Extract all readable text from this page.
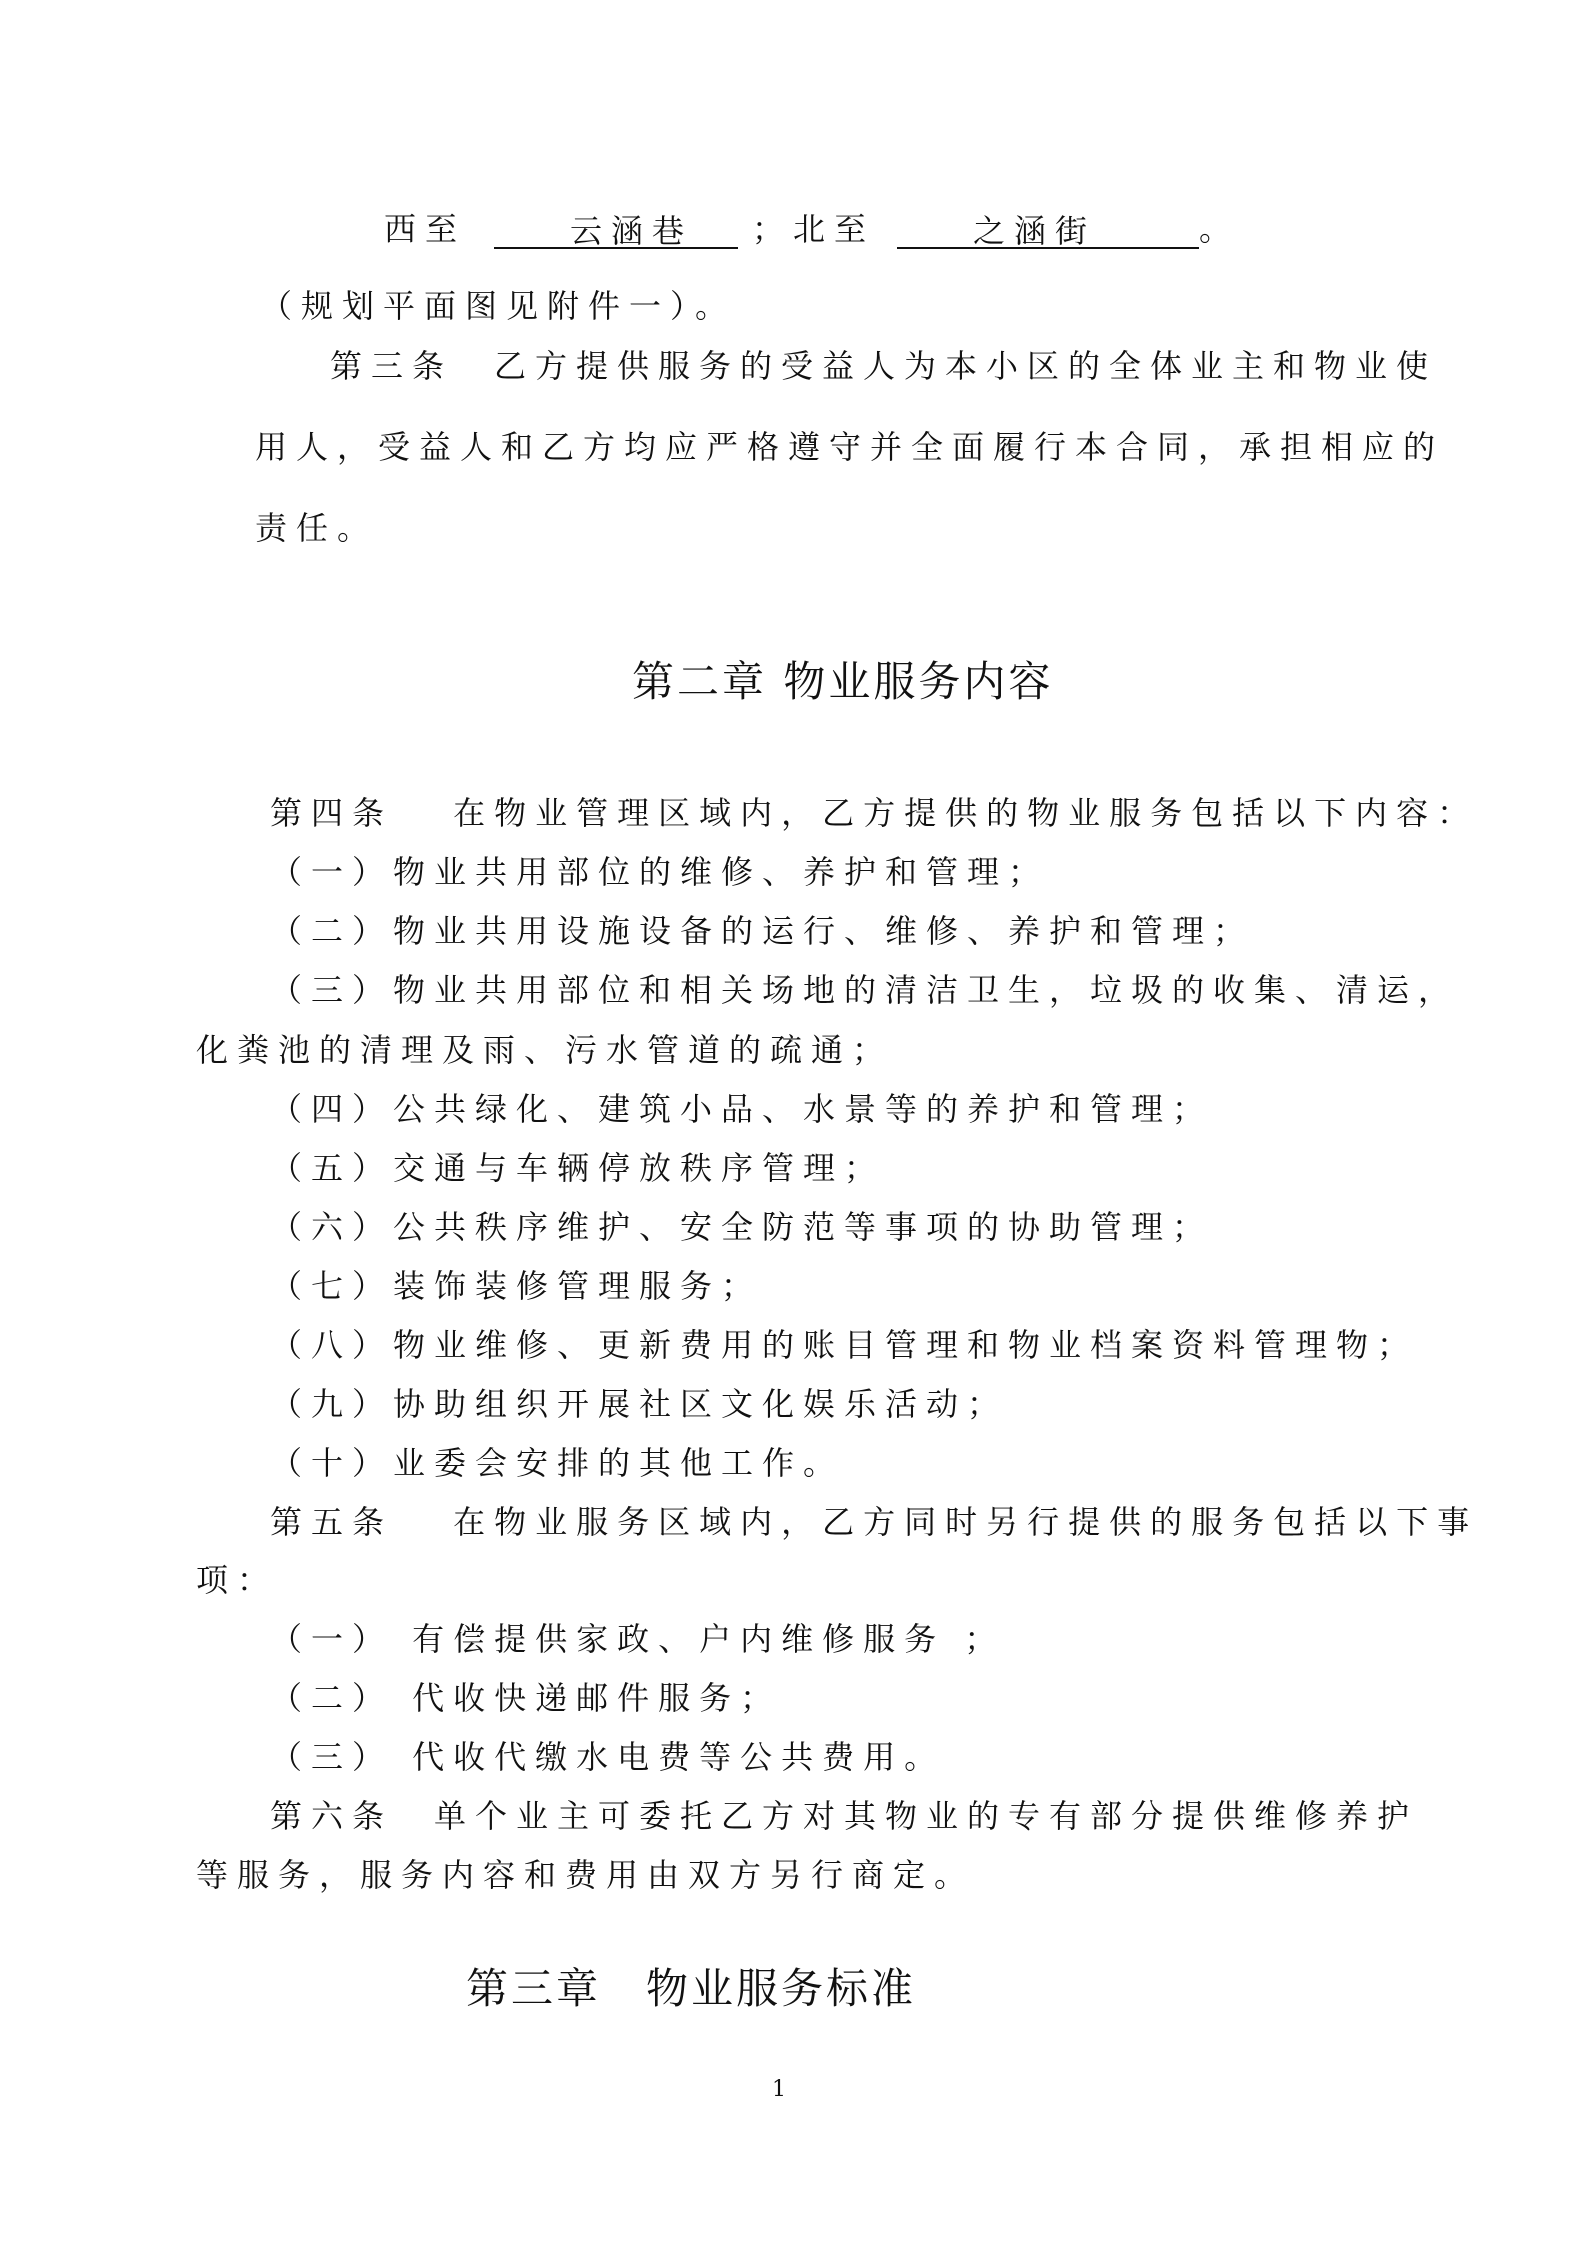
西至	云涵巷 ；北至	之涵街	。
（规划平面图见附件一）。
第三条　乙方提供服务的受益人为本小区的全体业主和物业使
用人，受益人和乙方均应严格遵守并全面履行本合同，承担相应的
责任。
第二章 物业服务内容
第四条　 在物业管理区域内，乙方提供的物业服务包括以下内容：
（一）物业共用部位的维修、养护和管理；
（二）物业共用设施设备的运行、维修、养护和管理；
（三）物业共用部位和相关场地的清洁卫生，垃圾的收集、清运，
化粪池的清理及雨、污水管道的疏通；
（四）公共绿化、建筑小品、水景等的养护和管理；
（五）交通与车辆停放秩序管理；
（六）公共秩序维护、安全防范等事项的协助管理；
（七）装饰装修管理服务；
（八）物业维修、更新费用的账目管理和物业档案资料管理物；
（九）协助组织开展社区文化娱乐活动；
（十）业委会安排的其他工作。
第五条　 在物业服务区域内，乙方同时另行提供的服务包括以下事
项：
（一） 有偿提供家政、户内维修服务 ；
（二） 代收快递邮件服务；
（三） 代收代缴水电费等公共费用。
第六条　单个业主可委托乙方对其物业的专有部分提供维修养护
等服务，服务内容和费用由双方另行商定。
第三章　物业服务标准
1
